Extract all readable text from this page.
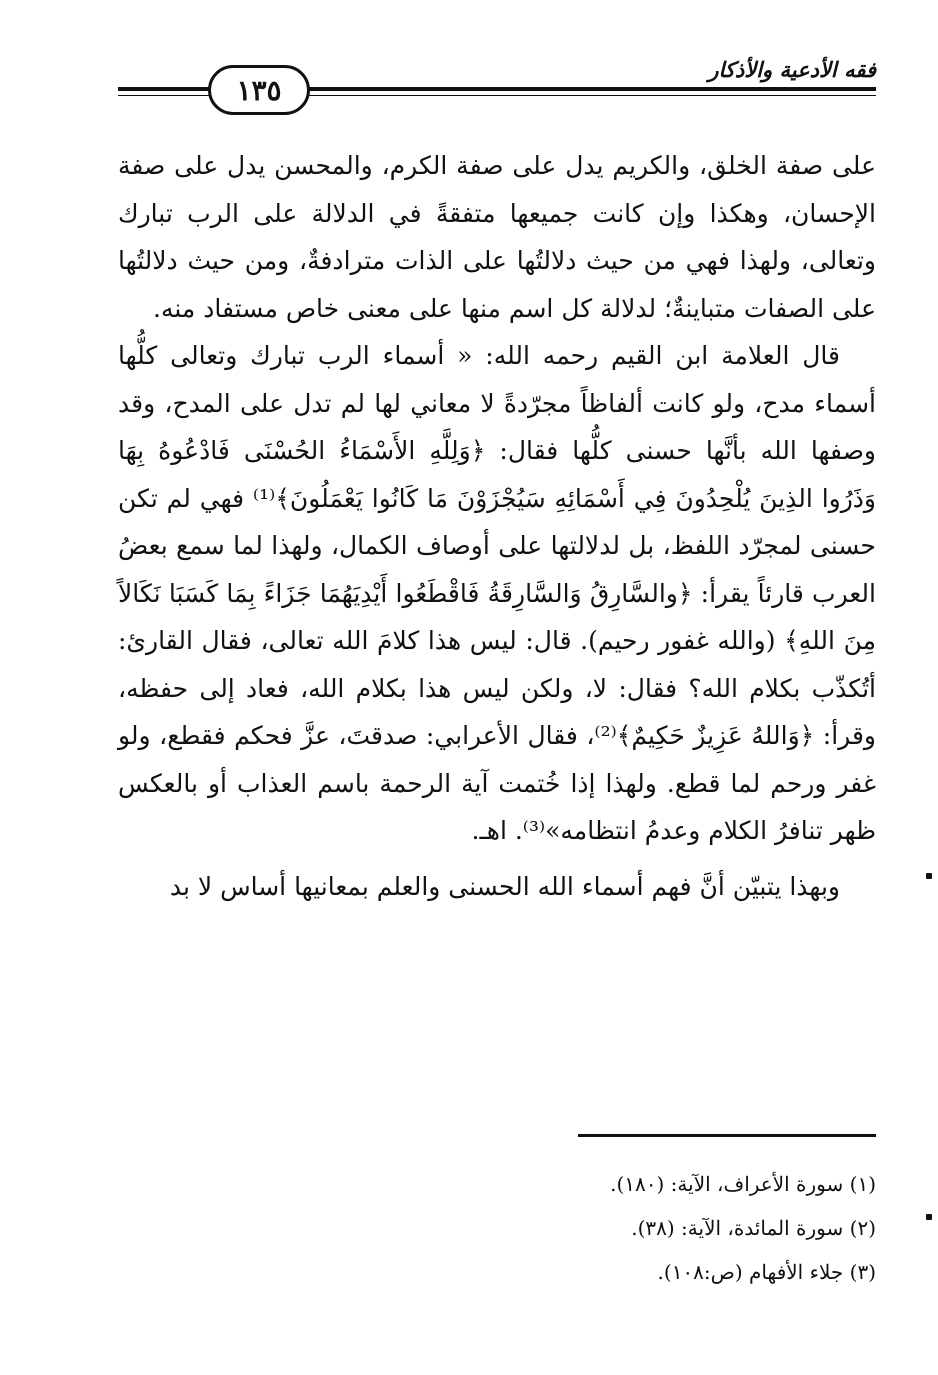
فقه الأدعية والأذكار
١٣٥

على صفة الخلق، والكريم يدل على صفة الكرم، والمحسن يدل على صفة الإحسان، وهكذا وإن كانت جميعها متفقةً في الدلالة على الرب تبارك وتعالى، ولهذا فهي من حيث دلالتُها على الذات مترادفةٌ، ومن حيث دلالتُها على الصفات متباينةٌ؛ لدلالة كل اسم منها على معنى خاص مستفاد منه.

قال العلامة ابن القيم رحمه الله: « أسماء الرب تبارك وتعالى كلُّها أسماء مدح، ولو كانت ألفاظاً مجرّدةً لا معاني لها لم تدل على المدح، وقد وصفها الله بأنَّها حسنى كلُّها فقال: ﴿وَلِلَّهِ الأَسْمَاءُ الحُسْنَى فَادْعُوهُ بِهَا وَذَرُوا الذِينَ يُلْحِدُونَ فِي أَسْمَائِهِ سَيُجْزَوْنَ مَا كَانُوا يَعْمَلُونَ﴾⁽¹⁾ فهي لم تكن حسنى لمجرّد اللفظ، بل لدلالتها على أوصاف الكمال، ولهذا لما سمع بعضُ العرب قارئاً يقرأ: ﴿والسَّارِقُ وَالسَّارِقَةُ فَاقْطَعُوا أَيْدِيَهُمَا جَزَاءً بِمَا كَسَبَا نَكَالاً مِنَ اللهِ﴾ (والله غفور رحيم). قال: ليس هذا كلامَ الله تعالى، فقال القارئ: أتُكذّب بكلام الله؟ فقال: لا، ولكن ليس هذا بكلام الله، فعاد إلى حفظه، وقرأ: ﴿وَاللهُ عَزِيزٌ حَكِيمٌ﴾⁽²⁾، فقال الأعرابي: صدقتَ، عزَّ فحكم فقطع، ولو غفر ورحم لما قطع. ولهذا إذا خُتمت آية الرحمة باسم العذاب أو بالعكس ظهر تنافرُ الكلام وعدمُ انتظامه»⁽³⁾. اهـ.

وبهذا يتبيّن أنَّ فهم أسماء الله الحسنى والعلم بمعانيها أساس لا بد

(١) سورة الأعراف، الآية: (١٨٠).
(٢) سورة المائدة، الآية: (٣٨).
(٣) جلاء الأفهام (ص:١٠٨).
